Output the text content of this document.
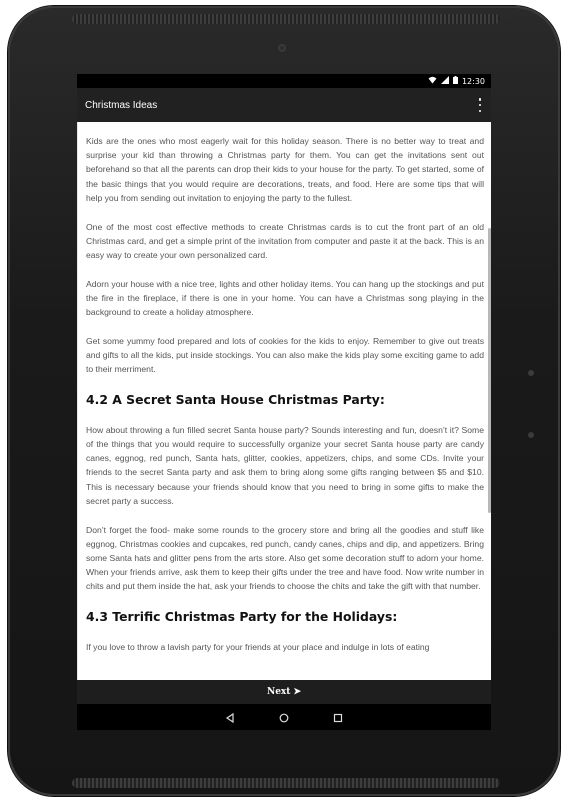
12:30
Christmas Ideas

Kids are the ones who most eagerly wait for this holiday season. There is no better way to treat and surprise your kid than throwing a Christmas party for them. You can get the invitations sent out beforehand so that all the parents can drop their kids to your house for the party. To get started, some of the basic things that you would require are decorations, treats, and food. Here are some tips that will help you from sending out invitation to enjoying the party to the fullest.

One of the most cost effective methods to create Christmas cards is to cut the front part of an old Christmas card, and get a simple print of the invitation from computer and paste it at the back. This is an easy way to create your own personalized card.

Adorn your house with a nice tree, lights and other holiday items. You can hang up the stockings and put the fire in the fireplace, if there is one in your home. You can have a Christmas song playing in the background to create a holiday atmosphere.

Get some yummy food prepared and lots of cookies for the kids to enjoy. Remember to give out treats and gifts to all the kids, put inside stockings. You can also make the kids play some exciting game to add to their merriment.

4.2 A Secret Santa House Christmas Party:

How about throwing a fun filled secret Santa house party? Sounds interesting and fun, doesn’t it? Some of the things that you would require to successfully organize your secret Santa house party are candy canes, eggnog, red punch, Santa hats, glitter, cookies, appetizers, chips, and some CDs. Invite your friends to the secret Santa party and ask them to bring along some gifts ranging between $5 and $10. This is necessary because your friends should know that you need to bring in some gifts to make the secret party a success.

Don’t forget the food- make some rounds to the grocery store and bring all the goodies and stuff like eggnog, Christmas cookies and cupcakes, red punch, candy canes, chips and dip, and appetizers. Bring some Santa hats and glitter pens from the arts store. Also get some decoration stuff to adorn your home. When your friends arrive, ask them to keep their gifts under the tree and have food. Now write number in chits and put them inside the hat, ask your friends to choose the chits and take the gift with that number.

4.3 Terrific Christmas Party for the Holidays:

If you love to throw a lavish party for your friends at your place and indulge in lots of eating

Next ➤
